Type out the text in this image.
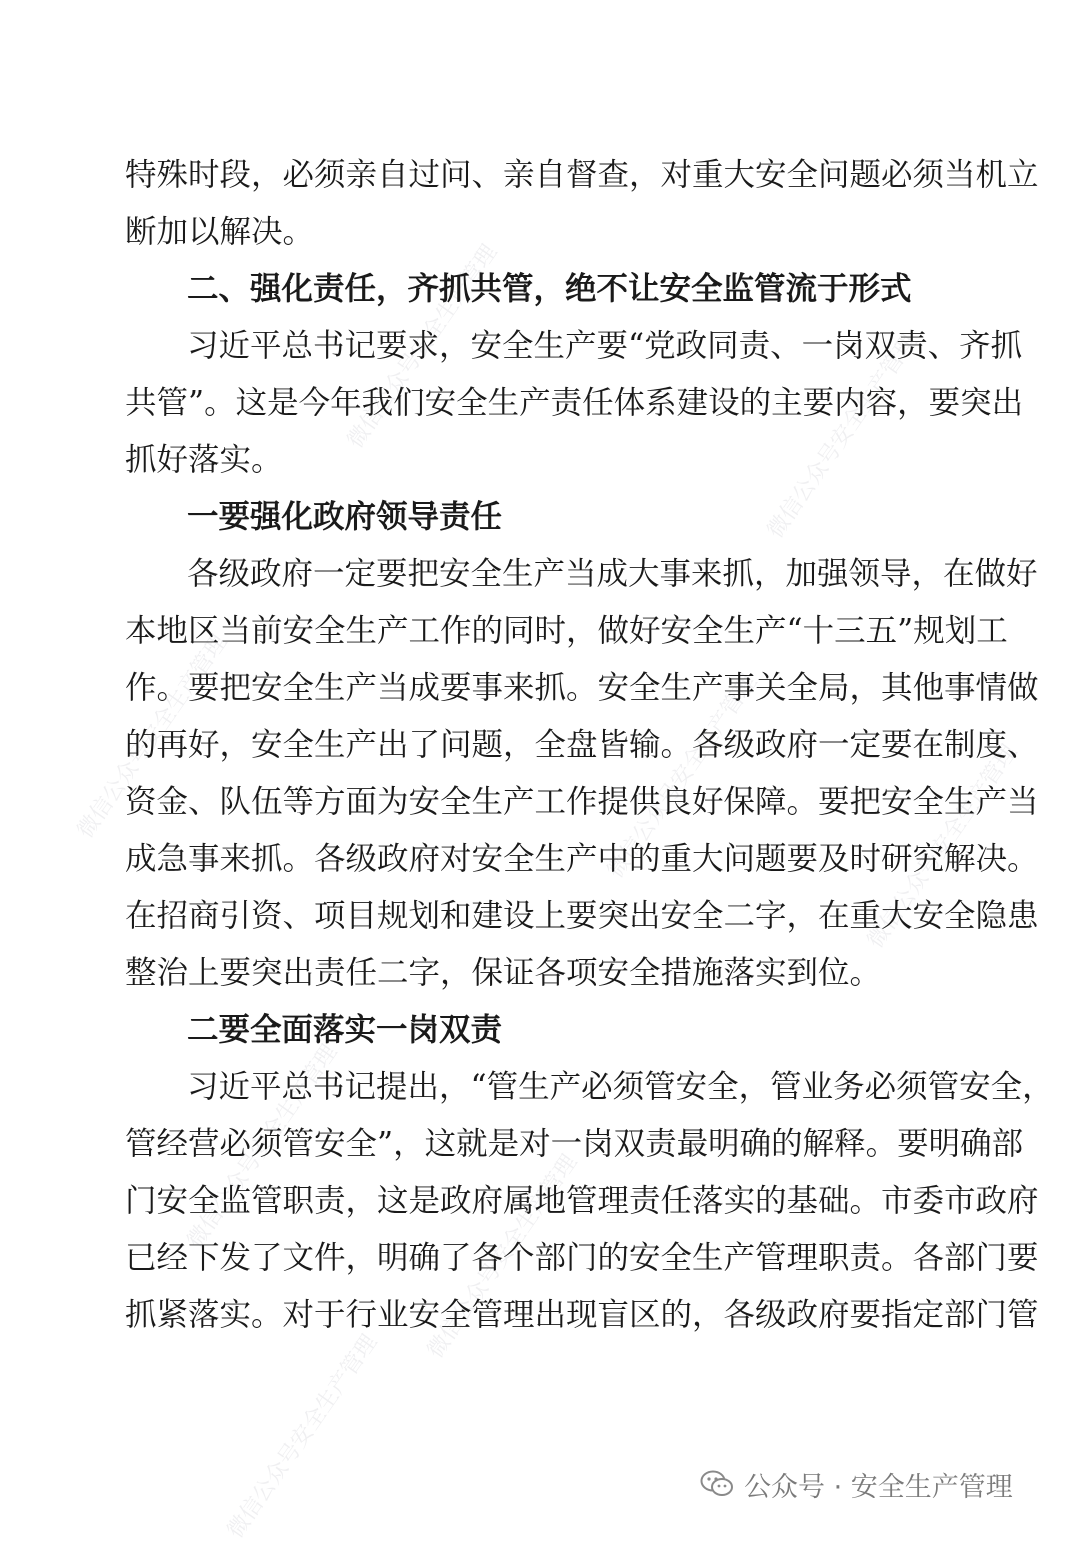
微信公众号安全生产管理	微信公众号安全生产管理
微信公众号安全生产管理	微信公众号安全生产管理	微信公众号安全生产管理
微信公众号安全生产管理
微信公众号安全生产管理
微信公众号安全生产管理
特殊时段，必须亲自过问、亲自督查，对重大安全问题必须当机立
断加以解决。
二、强化责任，齐抓共管，绝不让安全监管流于形式
习近平总书记要求，安全生产要“党政同责、一岗双责、齐抓
共管”。这是今年我们安全生产责任体系建设的主要内容，要突出
抓好落实。
一要强化政府领导责任
各级政府一定要把安全生产当成大事来抓，加强领导，在做好
本地区当前安全生产工作的同时，做好安全生产“十三五”规划工
作。要把安全生产当成要事来抓。安全生产事关全局，其他事情做
的再好，安全生产出了问题，全盘皆输。各级政府一定要在制度、
资金、队伍等方面为安全生产工作提供良好保障。要把安全生产当
成急事来抓。各级政府对安全生产中的重大问题要及时研究解决。
在招商引资、项目规划和建设上要突出安全二字，在重大安全隐患
整治上要突出责任二字，保证各项安全措施落实到位。
二要全面落实一岗双责
习近平总书记提出，“管生产必须管安全，管业务必须管安全，
管经营必须管安全”，这就是对一岗双责最明确的解释。要明确部
门安全监管职责，这是政府属地管理责任落实的基础。市委市政府
已经下发了文件，明确了各个部门的安全生产管理职责。各部门要
抓紧落实。对于行业安全管理出现盲区的，各级政府要指定部门管
公众号 · 安全生产管理
